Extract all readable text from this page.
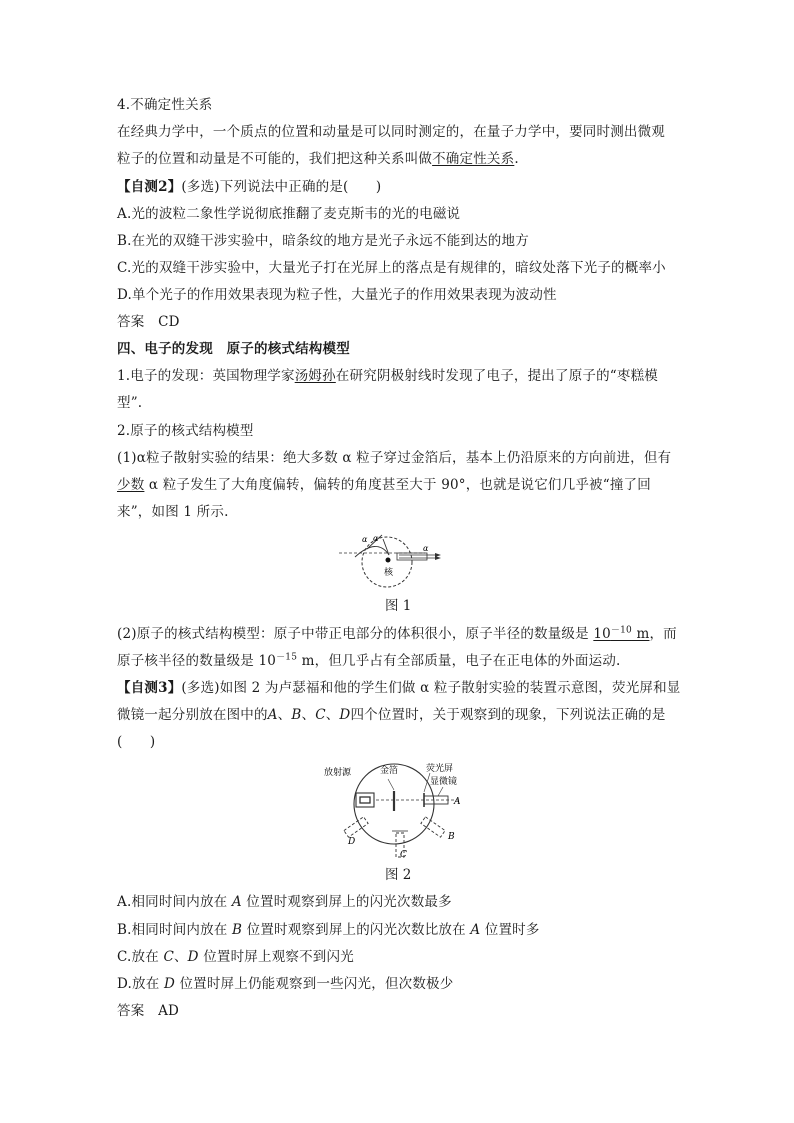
4.不确定性关系
在经典力学中，一个质点的位置和动量是可以同时测定的，在量子力学中，要同时测出微观
粒子的位置和动量是不可能的，我们把这种关系叫做不确定性关系.
【自测2】(多选)下列说法中正确的是(　　)
A.光的波粒二象性学说彻底推翻了麦克斯韦的光的电磁说
B.在光的双缝干涉实验中，暗条纹的地方是光子永远不能到达的地方
C.光的双缝干涉实验中，大量光子打在光屏上的落点是有规律的，暗纹处落下光子的概率小
D.单个光子的作用效果表现为粒子性，大量光子的作用效果表现为波动性
答案　CD
四、电子的发现　原子的核式结构模型
1.电子的发现：英国物理学家汤姆孙在研究阴极射线时发现了电子，提出了原子的“枣糕模
型”.
2.原子的核式结构模型
(1)α粒子散射实验的结果：绝大多数 α 粒子穿过金箔后，基本上仍沿原来的方向前进，但有
少数 α 粒子发生了大角度偏转，偏转的角度甚至大于 90°，也就是说它们几乎被“撞了回
来”，如图 1 所示.
核
α α
α
图 1
(2)原子的核式结构模型：原子中带正电部分的体积很小，原子半径的数量级是 $10^{-10}$ m，而
原子核半径的数量级是 $10^{-15}$ m，但几乎占有全部质量，电子在正电体的外面运动.
【自测3】(多选)如图 2 为卢瑟福和他的学生们做 α 粒子散射实验的装置示意图，荧光屏和显
微镜一起分别放在图中的A、B、C、D四个位置时，关于观察到的现象，下列说法正确的是
(　　)
放射源	金箔	荧光屏
显微镜
A
B
C
D
图 2
A.相同时间内放在 A 位置时观察到屏上的闪光次数最多
B.相同时间内放在 B 位置时观察到屏上的闪光次数比放在 A 位置时多
C.放在 C、D 位置时屏上观察不到闪光
D.放在 D 位置时屏上仍能观察到一些闪光，但次数极少
答案　AD
